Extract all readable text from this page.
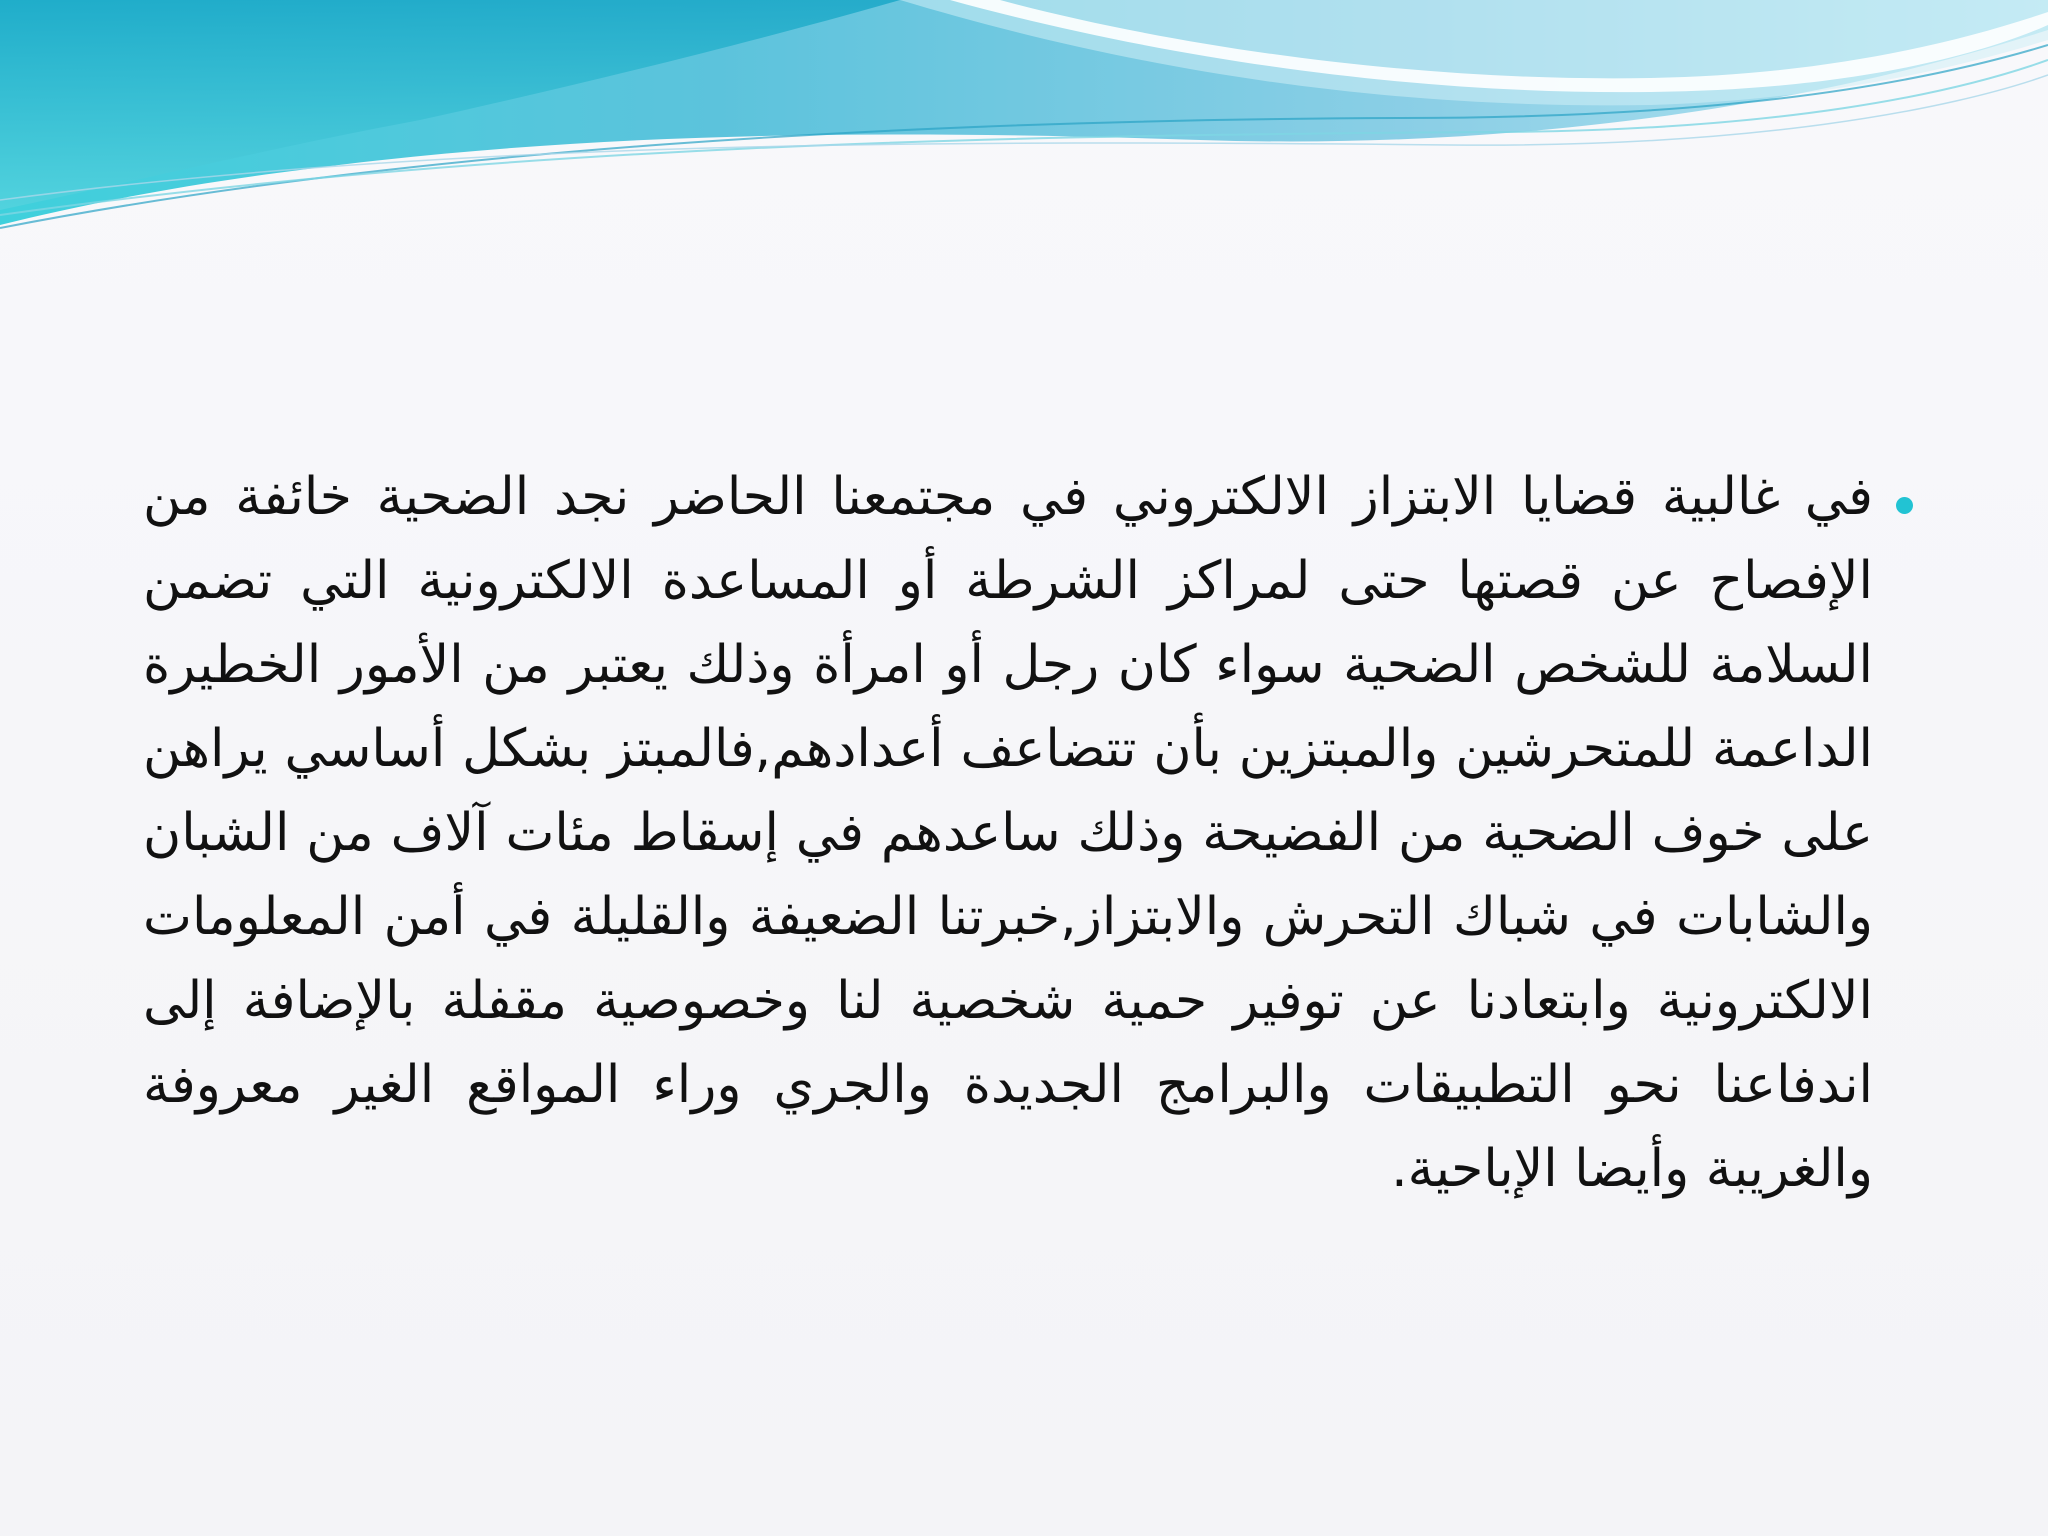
في غالبية قضايا الابتزاز الالكتروني في مجتمعنا الحاضر نجد الضحية خائفة من الإفصاح عن قصتها حتى لمراكز الشرطة أو المساعدة الالكترونية التي تضمن السلامة للشخص الضحية سواء كان رجل أو امرأة وذلك يعتبر من الأمور الخطيرة الداعمة للمتحرشين والمبتزين بأن تتضاعف أعدادهم,فالمبتز بشكل أساسي يراهن على خوف الضحية من الفضيحة وذلك ساعدهم في إسقاط مئات آلاف من الشبان والشابات في شباك التحرش والابتزاز,خبرتنا الضعيفة والقليلة في أمن المعلومات الالكترونية وابتعادنا عن توفير حمية شخصية لنا وخصوصية مقفلة بالإضافة إلى اندفاعنا نحو التطبيقات والبرامج الجديدة والجري وراء المواقع الغير معروفة والغريبة وأيضا الإباحية.
